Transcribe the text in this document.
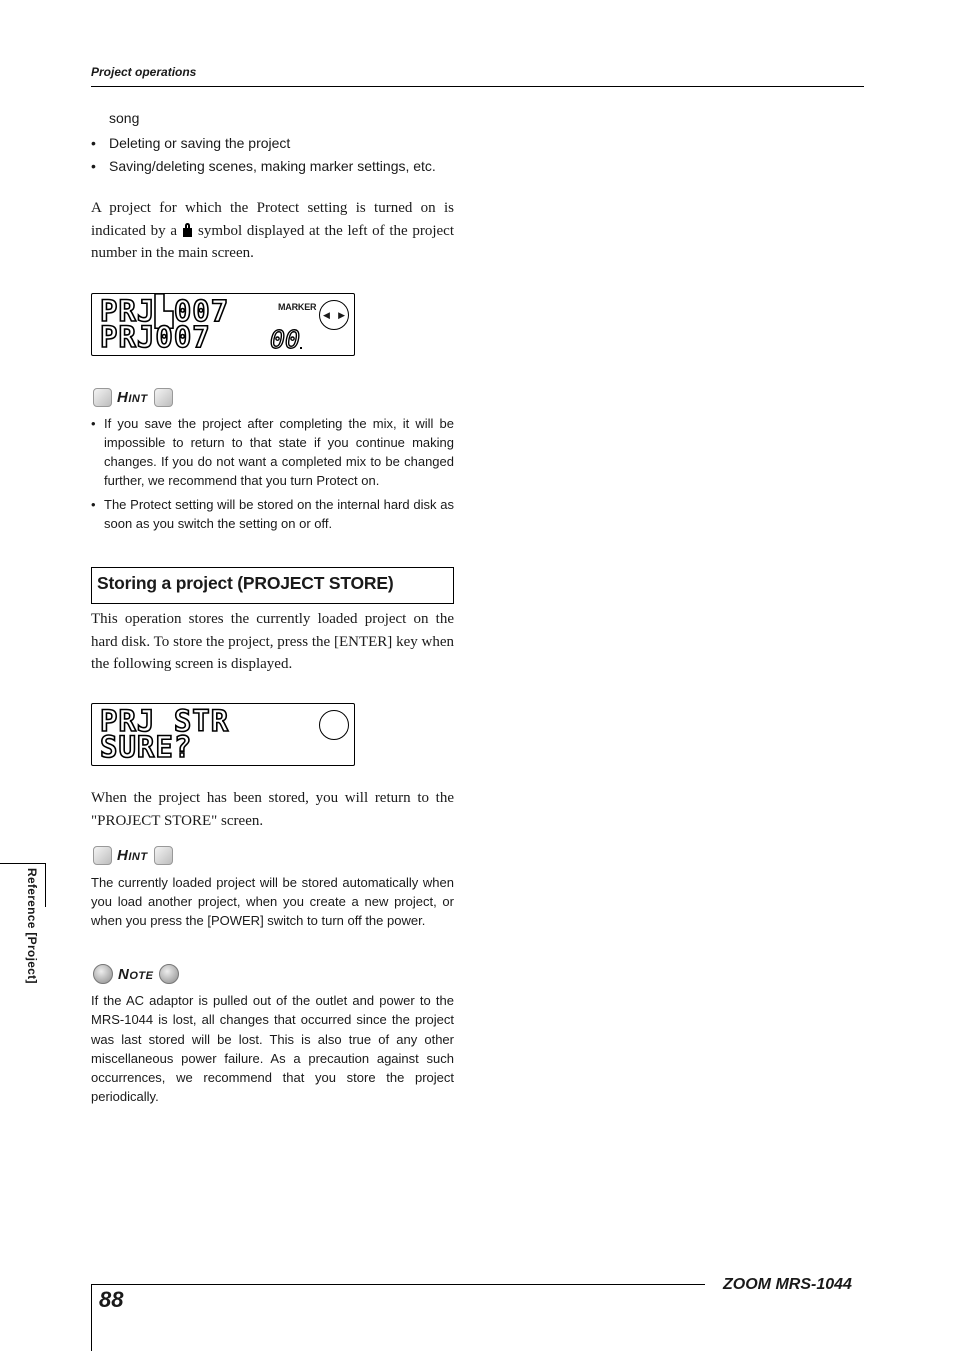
Project operations
song
• Deleting or saving the project
• Saving/deleting scenes, making marker settings, etc.
A project for which the Protect setting is turned on is indicated by a symbol displayed at the left of the project number in the main screen.
PRJ▙007
PRJ007
MARKER
00
◀ ▶
Hint
• If you save the project after completing the mix, it will be impossible to return to that state if you continue making changes. If you do not want a completed mix to be changed further, we recommend that you turn Protect on.
• The Protect setting will be stored on the internal hard disk as soon as you switch the setting on or off.
Storing a project (PROJECT STORE)
This operation stores the currently loaded project on the hard disk. To store the project, press the [ENTER] key when the following screen is displayed.
PRJ STR
SURE?
When the project has been stored, you will return to the "PROJECT STORE" screen.
Hint
The currently loaded project will be stored automatically when you load another project, when you create a new project, or when you press the [POWER] switch to turn off the power.
Note
If the AC adaptor is pulled out of the outlet and power to the MRS-1044 is lost, all changes that occurred since the project was last stored will be lost. This is also true of any other miscellaneous power failure. As a precaution against such occurrences, we recommend that you store the project periodically.
Reference [Project]
88
ZOOM MRS-1044
